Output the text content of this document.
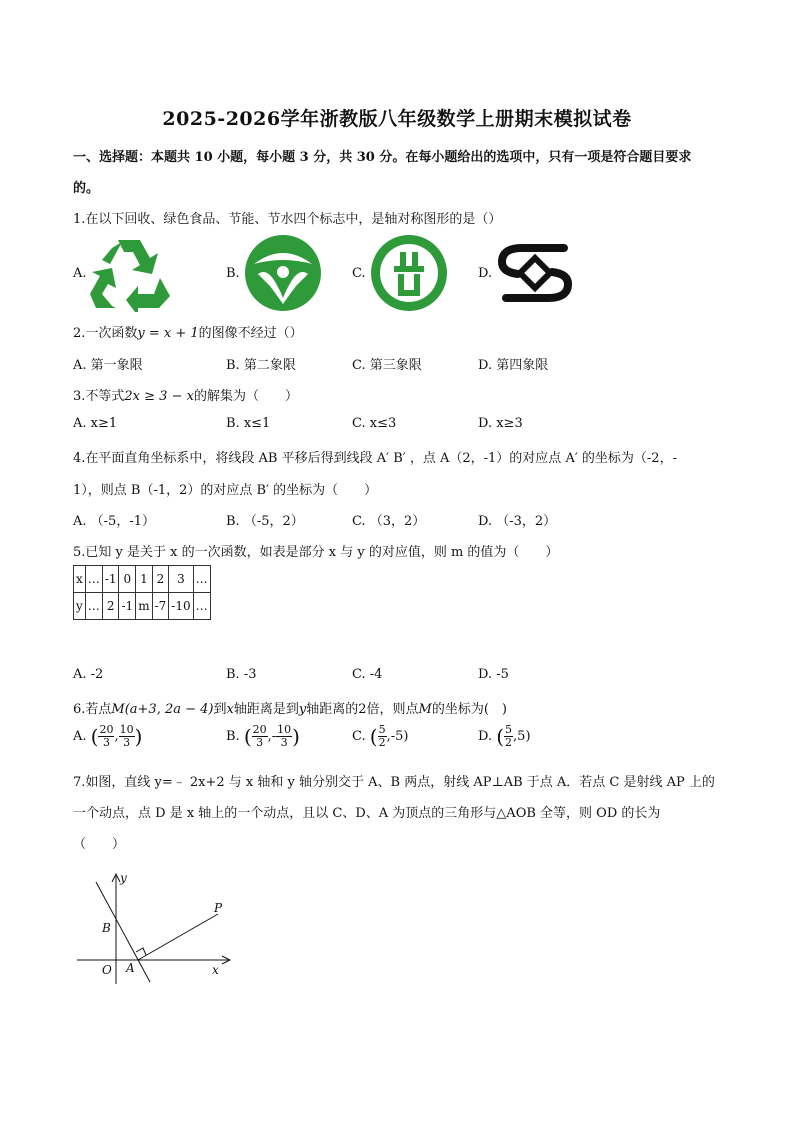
2025-2026学年浙教版八年级数学上册期末模拟试卷
一、选择题：本题共 10 小题，每小题 3 分，共 30 分。在每小题给出的选项中，只有一项是符合题目要求
的。
1.在以下回收、绿色食品、节能、节水四个标志中，是轴对称图形的是（）
A.	B.	C.	D.
2.一次函数y = x + 1的图像不经过（）
A. 第一象限	B. 第二象限	C. 第三象限	D. 第四象限
3.不等式2x ≥ 3 − x的解集为（　　）
A. x≥1	B. x≤1	C. x≤3	D. x≥3
4.在平面直角坐标系中，将线段 AB 平移后得到线段 A′ B′ ，点 A（2，-1）的对应点 A′ 的坐标为（-2，-
1），则点 B（-1，2）的对应点 B′ 的坐标为（　　）
A. （-5，-1）	B. （-5，2）	C. （3，2）	D. （-3，2）
5.已知 y 是关于 x 的一次函数，如表是部分 x 与 y 的对应值，则 m 的值为（　　）
x	…	-1	0	1	2	3	…
y	…	2	-1	m	-7	-10	…
A. -2	B. -3	C. -4	D. -5
6.若点M(a+3, 2a − 4)到x轴距离是到y轴距离的2倍，则点M的坐标为(　)
A. ( $\frac{20}{3}$ , $\frac{10}{3}$ )	B. ( $\frac{20}{3}$ ,- $\frac{10}{3}$ )	C. ( $\frac{5}{2} ,-5$)	D. ( $\frac{5}{2} ,5$)
7.如图，直线 y=﹣ 2x+2 与 x 轴和 y 轴分别交于 A、B 两点，射线 AP⊥AB 于点 A．若点 C 是射线 AP 上的
一个动点，点 D 是 x 轴上的一个动点，且以 C、D、A 为顶点的三角形与△AOB 全等，则 OD 的长为
（　　）
y
x
O A
B
P
